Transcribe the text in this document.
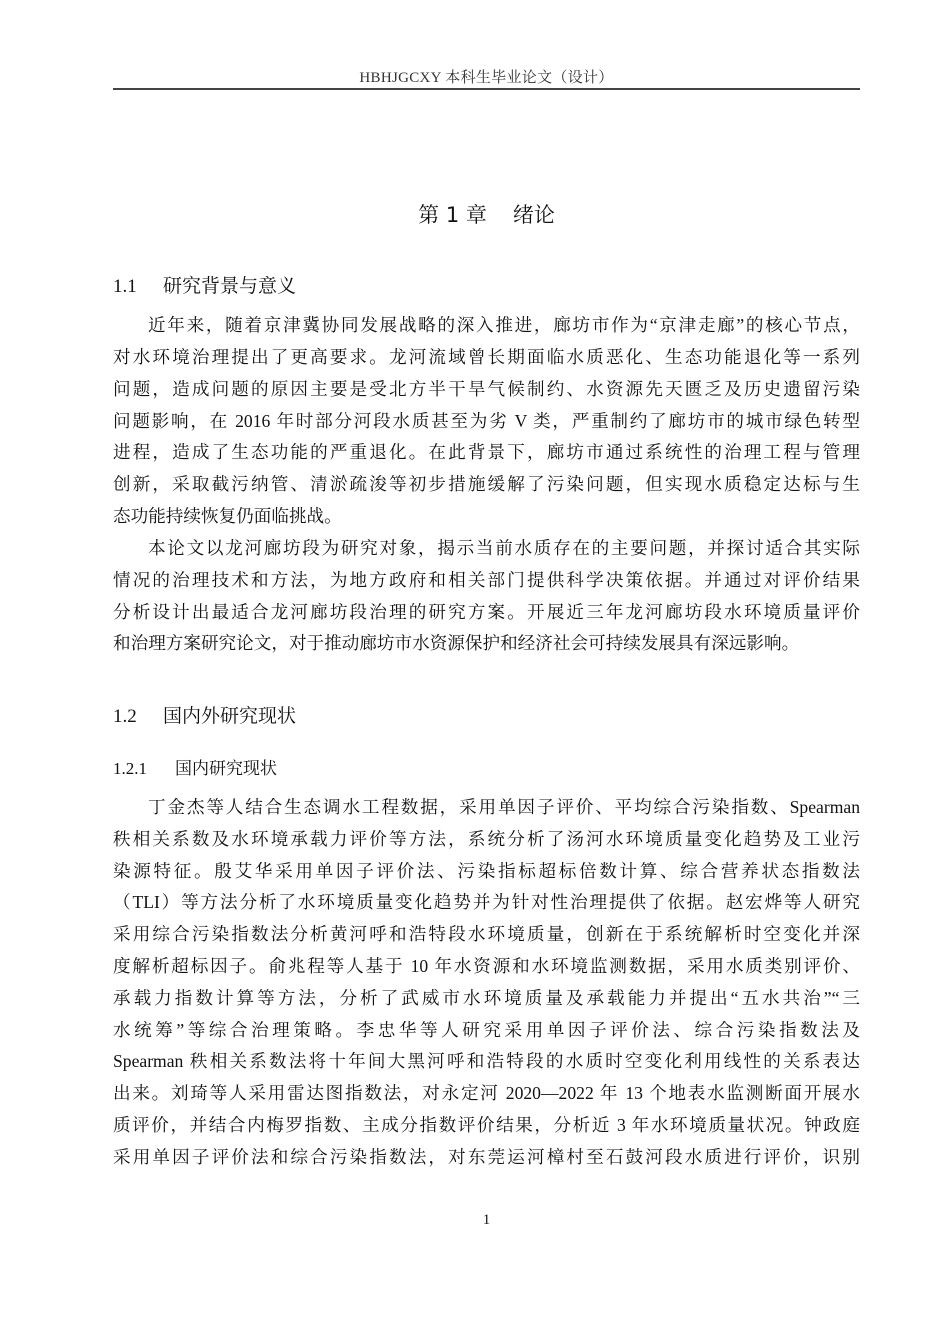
HBHJGCXY 本科生毕业论文（设计）
第 1 章 绪论
1.1 研究背景与意义
近年来，随着京津冀协同发展战略的深入推进，廊坊市作为“京津走廊”的核心节点，
对水环境治理提出了更高要求。龙河流域曾长期面临水质恶化、生态功能退化等一系列
问题，造成问题的原因主要是受北方半干旱气候制约、水资源先天匮乏及历史遗留污染
问题影响，在 2016 年时部分河段水质甚至为劣 V 类，严重制约了廊坊市的城市绿色转型
进程，造成了生态功能的严重退化。在此背景下，廊坊市通过系统性的治理工程与管理
创新，采取截污纳管、清淤疏浚等初步措施缓解了污染问题，但实现水质稳定达标与生
态功能持续恢复仍面临挑战。
本论文以龙河廊坊段为研究对象，揭示当前水质存在的主要问题，并探讨适合其实际
情况的治理技术和方法，为地方政府和相关部门提供科学决策依据。并通过对评价结果
分析设计出最适合龙河廊坊段治理的研究方案。开展近三年龙河廊坊段水环境质量评价
和治理方案研究论文，对于推动廊坊市水资源保护和经济社会可持续发展具有深远影响。
1.2 国内外研究现状
1.2.1 国内研究现状
丁金杰等人结合生态调水工程数据，采用单因子评价、平均综合污染指数、Spearman
秩相关系数及水环境承载力评价等方法，系统分析了汤河水环境质量变化趋势及工业污
染源特征。殷艾华采用单因子评价法、污染指标超标倍数计算、综合营养状态指数法
（TLI）等方法分析了水环境质量变化趋势并为针对性治理提供了依据。赵宏烨等人研究
采用综合污染指数法分析黄河呼和浩特段水环境质量，创新在于系统解析时空变化并深
度解析超标因子。俞兆程等人基于 10 年水资源和水环境监测数据，采用水质类别评价、
承载力指数计算等方法，分析了武威市水环境质量及承载能力并提出“五水共治”“三
水统筹”等综合治理策略。李忠华等人研究采用单因子评价法、综合污染指数法及
Spearman 秩相关系数法将十年间大黑河呼和浩特段的水质时空变化利用线性的关系表达
出来。刘琦等人采用雷达图指数法，对永定河 2020—2022 年 13 个地表水监测断面开展水
质评价，并结合内梅罗指数、主成分指数评价结果，分析近 3 年水环境质量状况。钟政庭
采用单因子评价法和综合污染指数法，对东莞运河樟村至石鼓河段水质进行评价，识别
1
